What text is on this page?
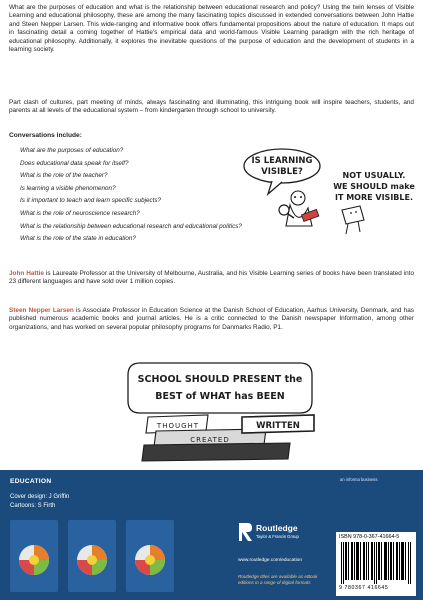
What are the purposes of education and what is the relationship between educational research and policy? Using the twin lenses of Visible Learning and educational philosophy, these are among the many fascinating topics discussed in extended conversations between John Hattie and Steen Nepper Larsen. This wide-ranging and informative book offers fundamental propositions about the nature of education. It maps out in fascinating detail a coming together of Hattie's empirical data and world-famous Visible Learning paradigm with the rich heritage of educational philosophy. Additionally, it explores the inevitable questions of the purpose of education and the development of students in a learning society.

Part clash of cultures, part meeting of minds, always fascinating and illuminating, this intriguing book will inspire teachers, students, and parents at all levels of the educational system – from kindergarten through school to university.

Conversations include:
What are the purposes of education?
Does educational data speak for itself?
What is the role of the teacher?
Is learning a visible phenomenon?
Is it important to teach and learn specific subjects?
What is the role of neuroscience research?
What is the relationship between educational research and educational politics?
What is the role of the state in education?
IS LEARNING
VISIBLE?	NOT USUALLY.
WE SHOULD make
IT MORE VISIBLE.
John Hattie is Laureate Professor at the University of Melbourne, Australia, and his Visible Learning series of books have been translated into 23 different languages and have sold over 1 million copies.
Steen Nepper Larsen is Associate Professor in Education Science at the Danish School of Education, Aarhus University, Denmark, and has published numerous academic books and journal articles. He is a critic connected to the Danish newspaper Information, among other organizations, and has worked on several popular philosophy programs for Danmarks Radio, P1.
SCHOOL SHOULD PRESENT the
BEST of WHAT has BEEN
THOUGHT
CREATED
WRITTEN
EDUCATION
Cover design: J Griffin
Cartoons: S Firth
an informa business
Routledge
Taylor & Francis Group
www.routledge.com/education
Routledge titles are available as eBook editions in a range of digital formats
ISBN 978-0-367-41664-5
9 780367 416645
